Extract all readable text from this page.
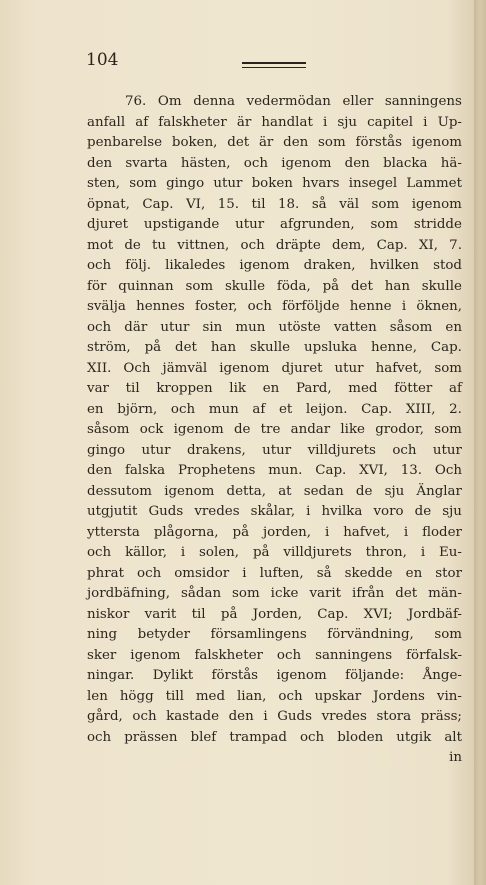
104
76. Om denna vedermödan eller sanningens
anfall af falskheter är handlat i sju capitel i Up-
penbarelse boken, det är den som förstås igenom
den svarta hästen, och igenom den blacka hä-
sten, som gingo utur boken hvars insegel Lammet
öpnat, Cap. VI, 15. til 18. så väl som igenom
djuret upstigande utur afgrunden, som stridde
mot de tu vittnen, och dräpte dem, Cap. XI, 7.
och följ. likaledes igenom draken, hvilken stod
för quinnan som skulle föda, på det han skulle
svälja hennes foster, och förföljde henne i öknen,
och där utur sin mun utöste vatten såsom en
ström, på det han skulle upsluka henne, Cap.
XII. Och jämväl igenom djuret utur hafvet, som
var til kroppen lik en Pard, med fötter af
en björn, och mun af et leijon. Cap. XIII, 2.
såsom ock igenom de tre andar like grodor, som
gingo utur drakens, utur villdjurets och utur
den falska Prophetens mun. Cap. XVI, 13. Och
dessutom igenom detta, at sedan de sju Änglar
utgjutit Guds vredes skålar, i hvilka voro de sju
yttersta plågorna, på jorden, i hafvet, i floder
och källor, i solen, på villdjurets thron, i Eu-
phrat och omsidor i luften, så skedde en stor
jordbäfning, sådan som icke varit ifrån det män-
niskor varit til på Jorden, Cap. XVI; Jordbäf-
ning betyder församlingens förvändning, som
sker igenom falskheter och sanningens förfalsk-
ningar. Dylikt förstås igenom följande: Ånge-
len högg till med lian, och upskar Jordens vin-
gård, och kastade den i Guds vredes stora präss;
och prässen blef trampad och bloden utgik alt
in
